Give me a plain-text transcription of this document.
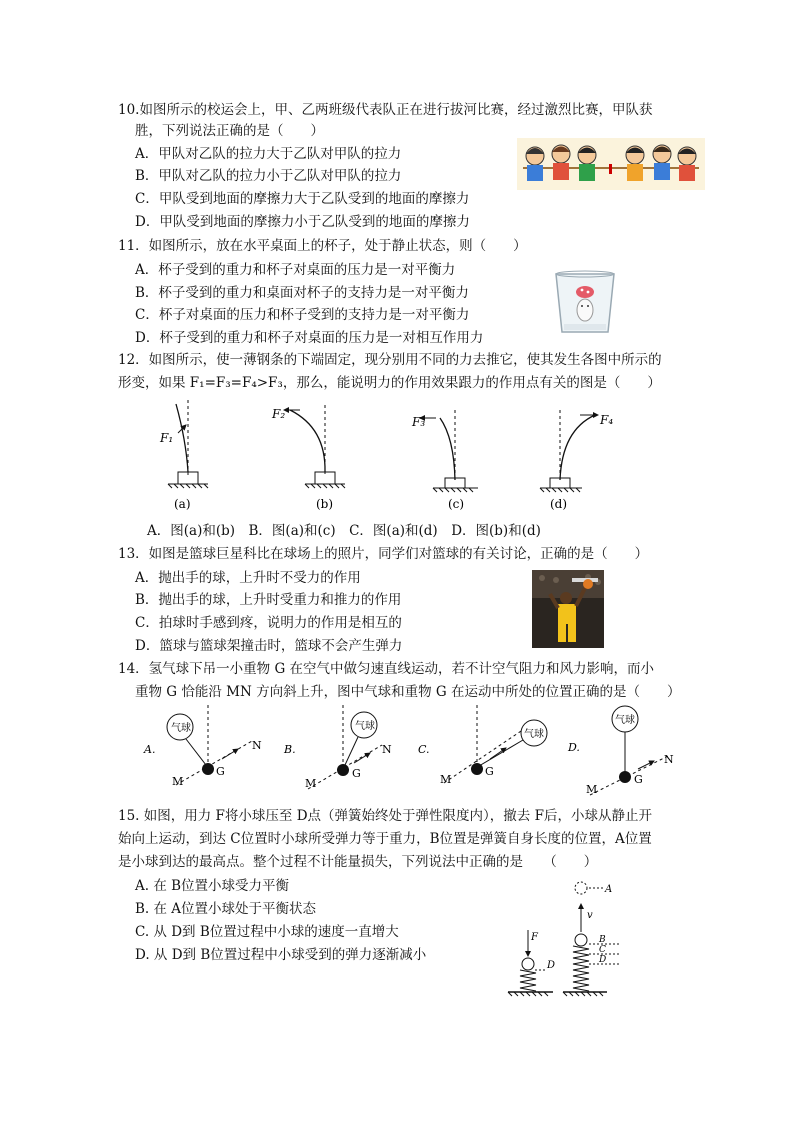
10.如图所示的校运会上，甲、乙两班级代表队正在进行拔河比赛，经过激烈比赛，甲队获
胜，下列说法正确的是（　　）
A．甲队对乙队的拉力大于乙队对甲队的拉力
B．甲队对乙队的拉力小于乙队对甲队的拉力
C．甲队受到地面的摩擦力大于乙队受到的地面的摩擦力
D．甲队受到地面的摩擦力小于乙队受到的地面的摩擦力
11．如图所示，放在水平桌面上的杯子，处于静止状态，则（　　）
A．杯子受到的重力和杯子对桌面的压力是一对平衡力
B．杯子受到的重力和桌面对杯子的支持力是一对平衡力
C．杯子对桌面的压力和杯子受到的支持力是一对平衡力
D．杯子受到的重力和杯子对桌面的压力是一对相互作用力
12．如图所示，使一薄钢条的下端固定，现分别用不同的力去推它，使其发生各图中所示的
形变，如果 F₁=F₃=F₄>F₃，那么，能说明力的作用效果跟力的作用点有关的图是（　　）
F₁
(a)
F₂
(b)
F₃
(c)
F₄
(d)
A．图(a)和(b)　B．图(a)和(c)　C．图(a)和(d)　D．图(b)和(d)
13．如图是篮球巨星科比在球场上的照片，同学们对篮球的有关讨论，正确的是（　　）
A．抛出手的球，上升时不受力的作用
B．抛出手的球，上升时受重力和推力的作用
C．拍球时手感到疼，说明力的作用是相互的
D．篮球与篮球架撞击时，篮球不会产生弹力
14．氢气球下吊一小重物 G 在空气中做匀速直线运动，若不计空气阻力和风力影响，而小
重物 G 恰能沿 MN 方向斜上升，图中气球和重物 G 在运动中所处的位置正确的是（　　）
A.
气球
G
M
N B.
气球
G
M
N C.
气球
G
M
D.
气球
G
M
N
15. 如图，用力 F将小球压至 D点（弹簧始终处于弹性限度内），撤去 F后，小球从静止开
始向上运动，到达 C位置时小球所受弹力等于重力，B位置是弹簧自身长度的位置，A位置
是小球到达的最高点。整个过程不计能量损失，下列说法中正确的是　　（　　）
A. 在 B位置小球受力平衡
B. 在 A位置小球处于平衡状态
C. 从 D到 B位置过程中小球的速度一直增大
D. 从 D到 B位置过程中小球受到的弹力逐渐减小
F
D
A
v
B
C
D
